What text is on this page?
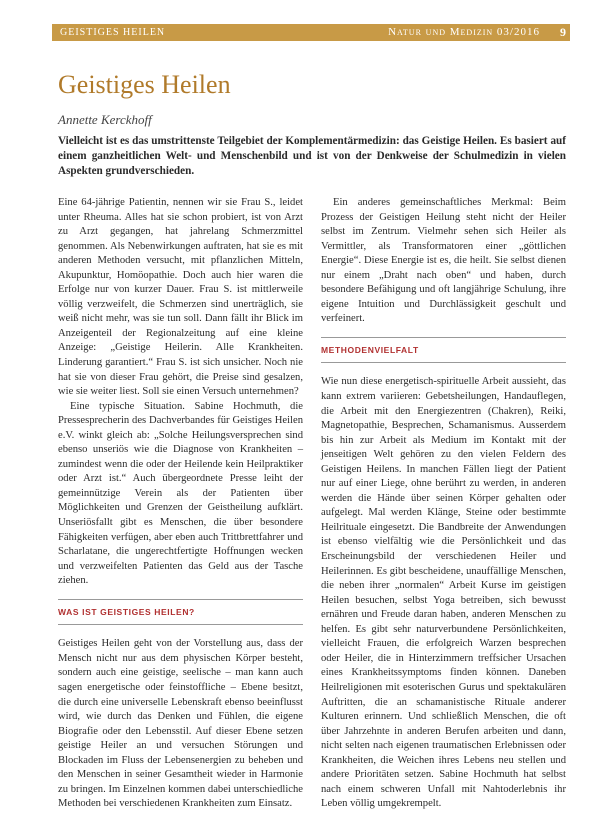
GEISTIGES HEILEN	Natur und Medizin 03/2016 9
Geistiges Heilen
Annette Kerckhoff

Vielleicht ist es das umstrittenste Teilgebiet der Komplementärmedizin: das Geistige Heilen. Es basiert auf einem ganzheitlichen Welt- und Menschenbild und ist von der Denkweise der Schulmedizin in vielen Aspekten grundverschieden.

Eine 64-jährige Patientin, nennen wir sie Frau S., leidet unter Rheuma. Alles hat sie schon probiert, ist von Arzt zu Arzt gegangen, hat jahrelang Schmerzmittel genommen. Als Nebenwirkungen auftraten, hat sie es mit anderen Methoden versucht, mit pflanzlichen Mitteln, Akupunktur, Homöopathie. Doch auch hier waren die Erfolge nur von kurzer Dauer. Frau S. ist mittlerweile völlig verzweifelt, die Schmerzen sind unerträglich, sie weiß nicht mehr, was sie tun soll. Dann fällt ihr Blick im Anzeigenteil der Regionalzeitung auf eine kleine Anzeige: „Geistige Heilerin. Alle Krankheiten. Linderung garantiert.“ Frau S. ist sich unsicher. Noch nie hat sie von dieser Frau gehört, die Preise sind gesalzen, wie sie weiter liest. Soll sie einen Versuch unternehmen?

Eine typische Situation. Sabine Hochmuth, die Pressesprecherin des Dachverbandes für Geistiges Heilen e.V. winkt gleich ab: „Solche Heilungsversprechen sind ebenso unseriös wie die Diagnose von Krankheiten – zumindest wenn die oder der Heilende kein Heilpraktiker oder Arzt ist.“ Auch übergeordnete Presse leiht der gemeinnützige Verein als der Patienten über Möglichkeiten und Grenzen der Geistheilung aufklärt. Unseriösfallt gibt es Menschen, die über besondere Fähigkeiten verfügen, aber eben auch Trittbrettfahrer und Scharlatane, die ungerechtfertigte Hoffnungen wecken und verzweifelten Patienten das Geld aus der Tasche ziehen.

WAS IST GEISTIGES HEILEN?

Geistiges Heilen geht von der Vorstellung aus, dass der Mensch nicht nur aus dem physischen Körper besteht, sondern auch eine geistige, seelische – man kann auch sagen energetische oder feinstoffliche – Ebene besitzt, die durch eine universelle Lebenskraft ebenso beeinflusst wird, wie durch das Denken und Fühlen, die eigene Biografie oder den Lebensstil. Auf dieser Ebene setzen geistige Heiler an und versuchen Störungen und Blockaden im Fluss der Lebensenergien zu beheben und den Menschen in seiner Gesamtheit wieder in Harmonie zu bringen. Im Einzelnen kommen dabei unterschiedliche Methoden bei verschiedenen Krankheiten zum Einsatz.

Ein anderes gemeinschaftliches Merkmal: Beim Prozess der Geistigen Heilung steht nicht der Heiler selbst im Zentrum. Vielmehr sehen sich Heiler als Vermittler, als Transformatoren einer „göttlichen Energie“. Diese Energie ist es, die heilt. Sie selbst dienen nur einem „Draht nach oben“ und haben, durch besondere Befähigung und oft langjährige Schulung, ihre eigene Intuition und Durchlässigkeit geschult und verfeinert.

METHODENVIELFALT

Wie nun diese energetisch-spirituelle Arbeit aussieht, das kann extrem variieren: Gebetsheilungen, Handauflegen, die Arbeit mit den Energiezentren (Chakren), Reiki, Magnetopathie, Besprechen, Schamanismus. Ausserdem bis hin zur Arbeit als Medium im Kontakt mit der jenseitigen Welt gehören zu den vielen Feldern des Geistigen Heilens. In manchen Fällen liegt der Patient nur auf einer Liege, ohne berührt zu werden, in anderen werden die Hände über seinen Körper gehalten oder aufgelegt. Mal werden Klänge, Steine oder bestimmte Heilrituale eingesetzt. Die Bandbreite der Anwendungen ist ebenso vielfältig wie die Persönlichkeit und das Erscheinungsbild der verschiedenen Heiler und Heilerinnen. Es gibt bescheidene, unauffällige Menschen, die neben ihrer „normalen“ Arbeit Kurse im geistigen Heilen besuchen, selbst Yoga betreiben, sich bewusst ernähren und Freude daran haben, anderen Menschen zu helfen. Es gibt sehr naturverbundene Persönlichkeiten, vielleicht Frauen, die erfolgreich Warzen besprechen oder Heiler, die in Hinterzimmern treffsicher Ursachen eines Krankheitssymptoms finden können. Daneben Heilreligionen mit esoterischen Gurus und spektakulären Auftritten, die an schamanistische Rituale anderer Kulturen erinnern. Und schließlich Menschen, die oft über Jahrzehnte in anderen Berufen arbeiten und dann, nicht selten nach eigenen traumatischen Erlebnissen oder Krankheiten, die Weichen ihres Lebens neu stellen und andere Prioritäten setzen. Sabine Hochmuth hat selbst nach einem schweren Unfall mit Nahtoderlebnis ihr Leben völlig umgekrempelt.
